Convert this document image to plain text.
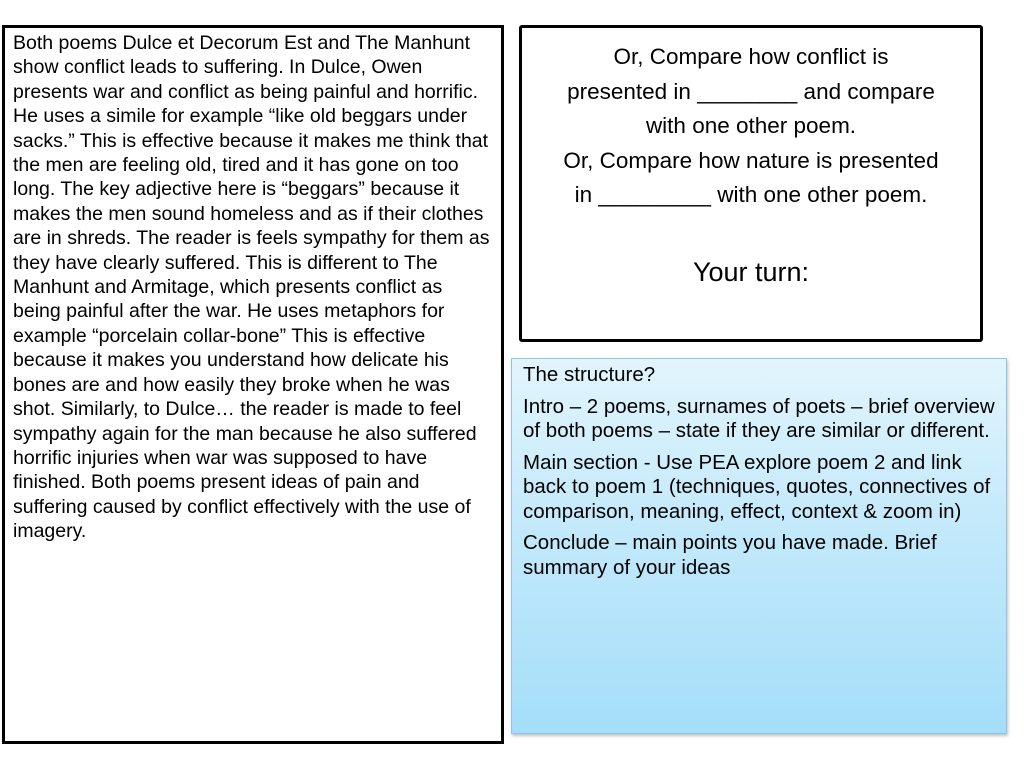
Both poems Dulce et Decorum Est and The Manhunt show conflict leads to suffering. In Dulce, Owen presents war and conflict as being painful and horrific. He uses a simile for example “like old beggars under sacks.” This is effective because it makes me think that the men are feeling old, tired and it has gone on too long. The key adjective here is “beggars” because it makes the men sound homeless and as if their clothes are in shreds. The reader is feels sympathy for them as they have clearly suffered. This is different to The Manhunt and Armitage, which presents conflict as being painful after the war. He uses metaphors for example “porcelain collar-bone” This is effective because it makes you understand how delicate his bones are and how easily they broke when he was shot. Similarly, to Dulce… the reader is made to feel sympathy again for the man because he also suffered horrific injuries when war was supposed to have finished. Both poems present ideas of pain and suffering caused by conflict effectively with the use of imagery.

Or, Compare how conflict is

presented in ________ and compare

with one other poem.

Or, Compare how nature is presented

in _________ with one other poem.

Your turn:

The structure?

Intro – 2 poems, surnames of poets – brief overview of both poems – state if they are similar or different.

Main section - Use PEA explore poem 2 and link back to poem 1 (techniques, quotes, connectives of comparison, meaning, effect, context & zoom in)

Conclude – main points you have made. Brief summary of your ideas
